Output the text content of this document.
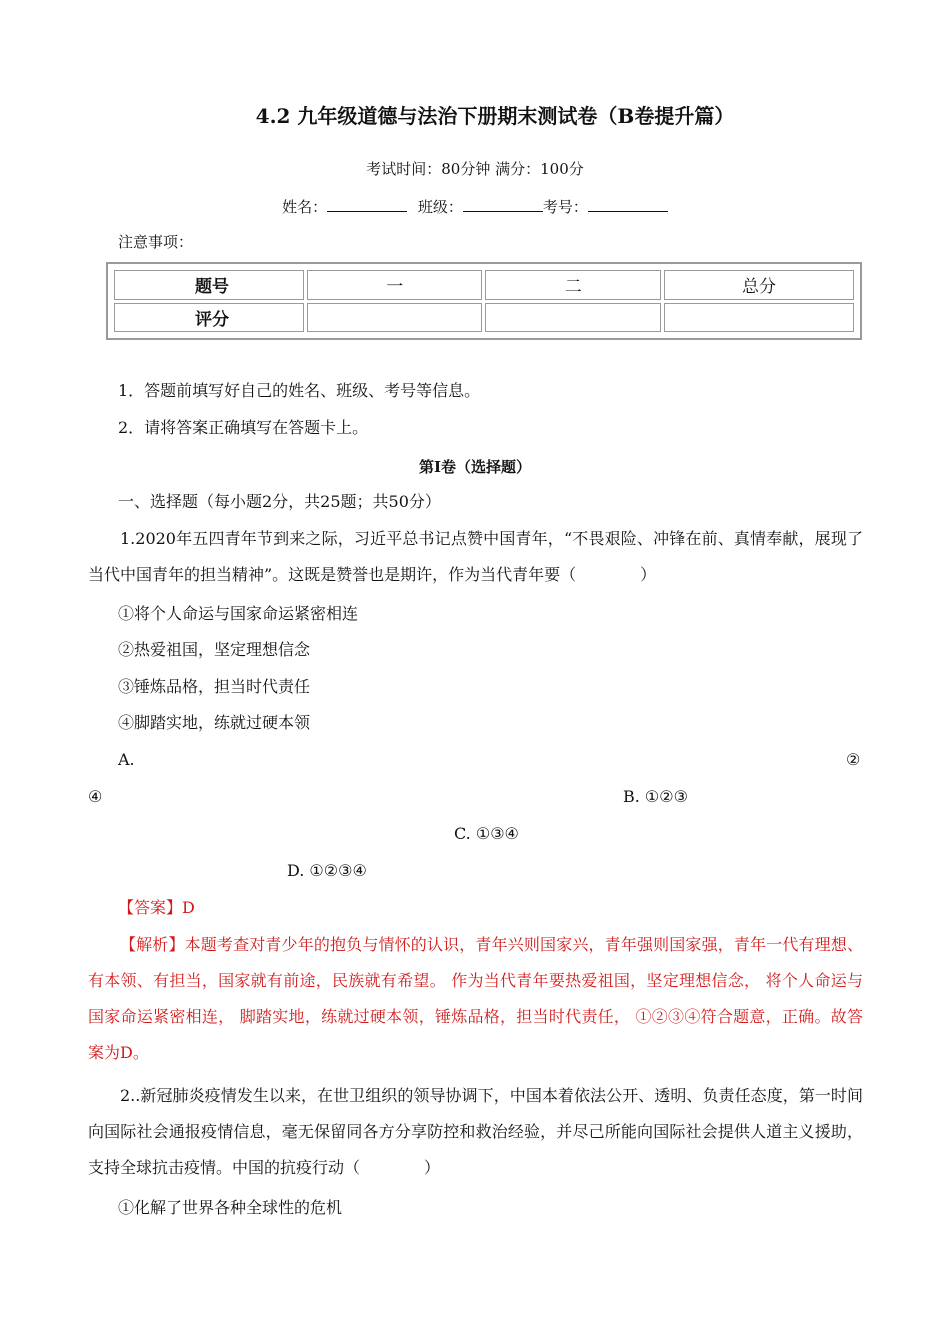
4.2 九年级道德与法治下册期末测试卷（B卷提升篇）
考试时间：80分钟 满分：100分
姓名：	班级：	考号：
注意事项：
题号	一	二	总分
评分			
1．答题前填写好自己的姓名、班级、考号等信息。
2．请将答案正确填写在答题卡上。
第I卷（选择题）
一、选择题（每小题2分，共25题；共50分）
1.2020年五四青年节到来之际，习近平总书记点赞中国青年，“不畏艰险、冲锋在前、真情奉献，展现了当代中国青年的担当精神”。这既是赞誉也是期许，作为当代青年要（　　　　）
①将个人命运与国家命运紧密相连
②热爱祖国，坚定理想信念
③锤炼品格，担当时代责任
④脚踏实地，练就过硬本领
A.	②
④	B. ①②③
C. ①③④
D. ①②③④
【答案】D
【解析】本题考查对青少年的抱负与情怀的认识，青年兴则国家兴，青年强则国家强，青年一代有理想、有本领、有担当，国家就有前途，民族就有希望。 作为当代青年要热爱祖国，坚定理想信念， 将个人命运与国家命运紧密相连， 脚踏实地，练就过硬本领，锤炼品格，担当时代责任， ①②③④符合题意，正确。故答案为D。
2..新冠肺炎疫情发生以来，在世卫组织的领导协调下，中国本着依法公开、透明、负责任态度，第一时间向国际社会通报疫情信息，毫无保留同各方分享防控和救治经验，并尽己所能向国际社会提供人道主义援助，支持全球抗击疫情。中国的抗疫行动（　　　　）
①化解了世界各种全球性的危机
